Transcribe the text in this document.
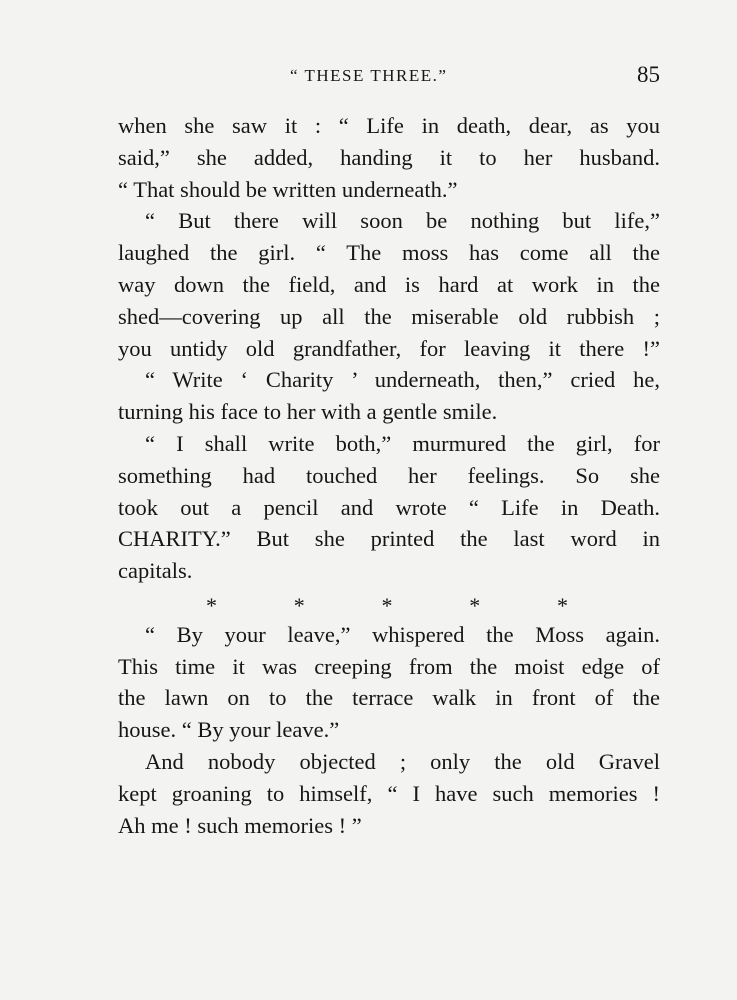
“ THESE THREE.”	85
when she saw it : “ Life in death, dear, as you
said,” she added, handing it to her husband.
“ That should be written underneath.”
“ But there will soon be nothing but life,”
laughed the girl. “ The moss has come all the
way down the field, and is hard at work in the
shed—covering up all the miserable old rubbish ;
you untidy old grandfather, for leaving it there !”
“ Write ‘ Charity ’ underneath, then,” cried he,
turning his face to her with a gentle smile.
“ I shall write both,” murmured the girl, for
something had touched her feelings. So she
took out a pencil and wrote “ Life in Death.
CHARITY.” But she printed the last word in
capitals.
*	*	*	*	*
“ By your leave,” whispered the Moss again.
This time it was creeping from the moist edge of
the lawn on to the terrace walk in front of the
house. “ By your leave.”
And nobody objected ; only the old Gravel
kept groaning to himself, “ I have such memories !
Ah me ! such memories ! ”
